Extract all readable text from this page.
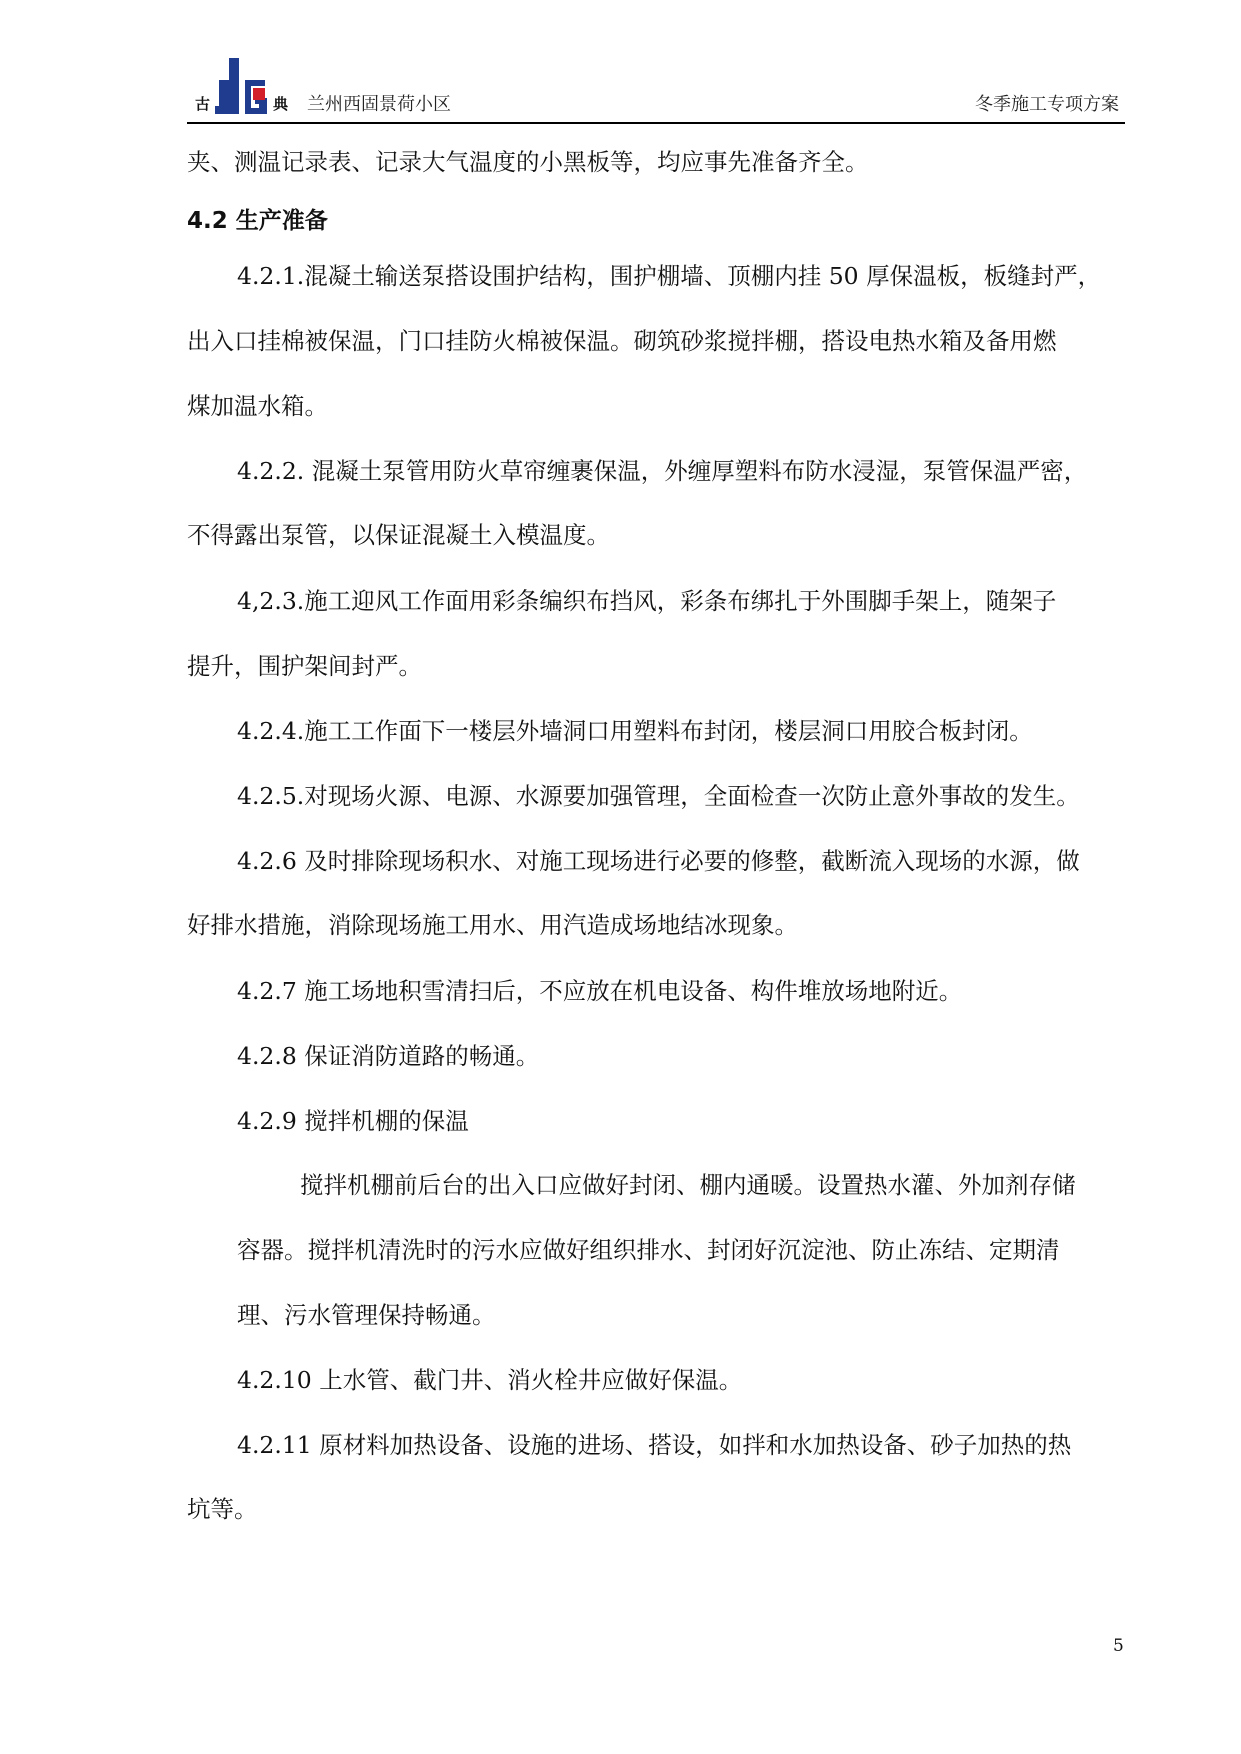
古	典 兰州西固景荷小区	冬季施工专项方案
夹、测温记录表、记录大气温度的小黑板等，均应事先准备齐全。
4.2 生产准备
4.2.1.混凝土输送泵搭设围护结构，围护棚墙、顶棚内挂 50 厚保温板，板缝封严，
出入口挂棉被保温，门口挂防火棉被保温。砌筑砂浆搅拌棚，搭设电热水箱及备用燃
煤加温水箱。
4.2.2. 混凝土泵管用防火草帘缠裹保温，外缠厚塑料布防水浸湿，泵管保温严密，
不得露出泵管，以保证混凝土入模温度。
4,2.3.施工迎风工作面用彩条编织布挡风，彩条布绑扎于外围脚手架上，随架子
提升，围护架间封严。
4.2.4.施工工作面下一楼层外墙洞口用塑料布封闭，楼层洞口用胶合板封闭。
4.2.5.对现场火源、电源、水源要加强管理，全面检查一次防止意外事故的发生。
4.2.6 及时排除现场积水、对施工现场进行必要的修整，截断流入现场的水源，做
好排水措施，消除现场施工用水、用汽造成场地结冰现象。
4.2.7 施工场地积雪清扫后，不应放在机电设备、构件堆放场地附近。
4.2.8 保证消防道路的畅通。
4.2.9 搅拌机棚的保温
搅拌机棚前后台的出入口应做好封闭、棚内通暖。设置热水灌、外加剂存储
容器。搅拌机清洗时的污水应做好组织排水、封闭好沉淀池、防止冻结、定期清
理、污水管理保持畅通。
4.2.10 上水管、截门井、消火栓井应做好保温。
4.2.11 原材料加热设备、设施的进场、搭设，如拌和水加热设备、砂子加热的热
坑等。
5
